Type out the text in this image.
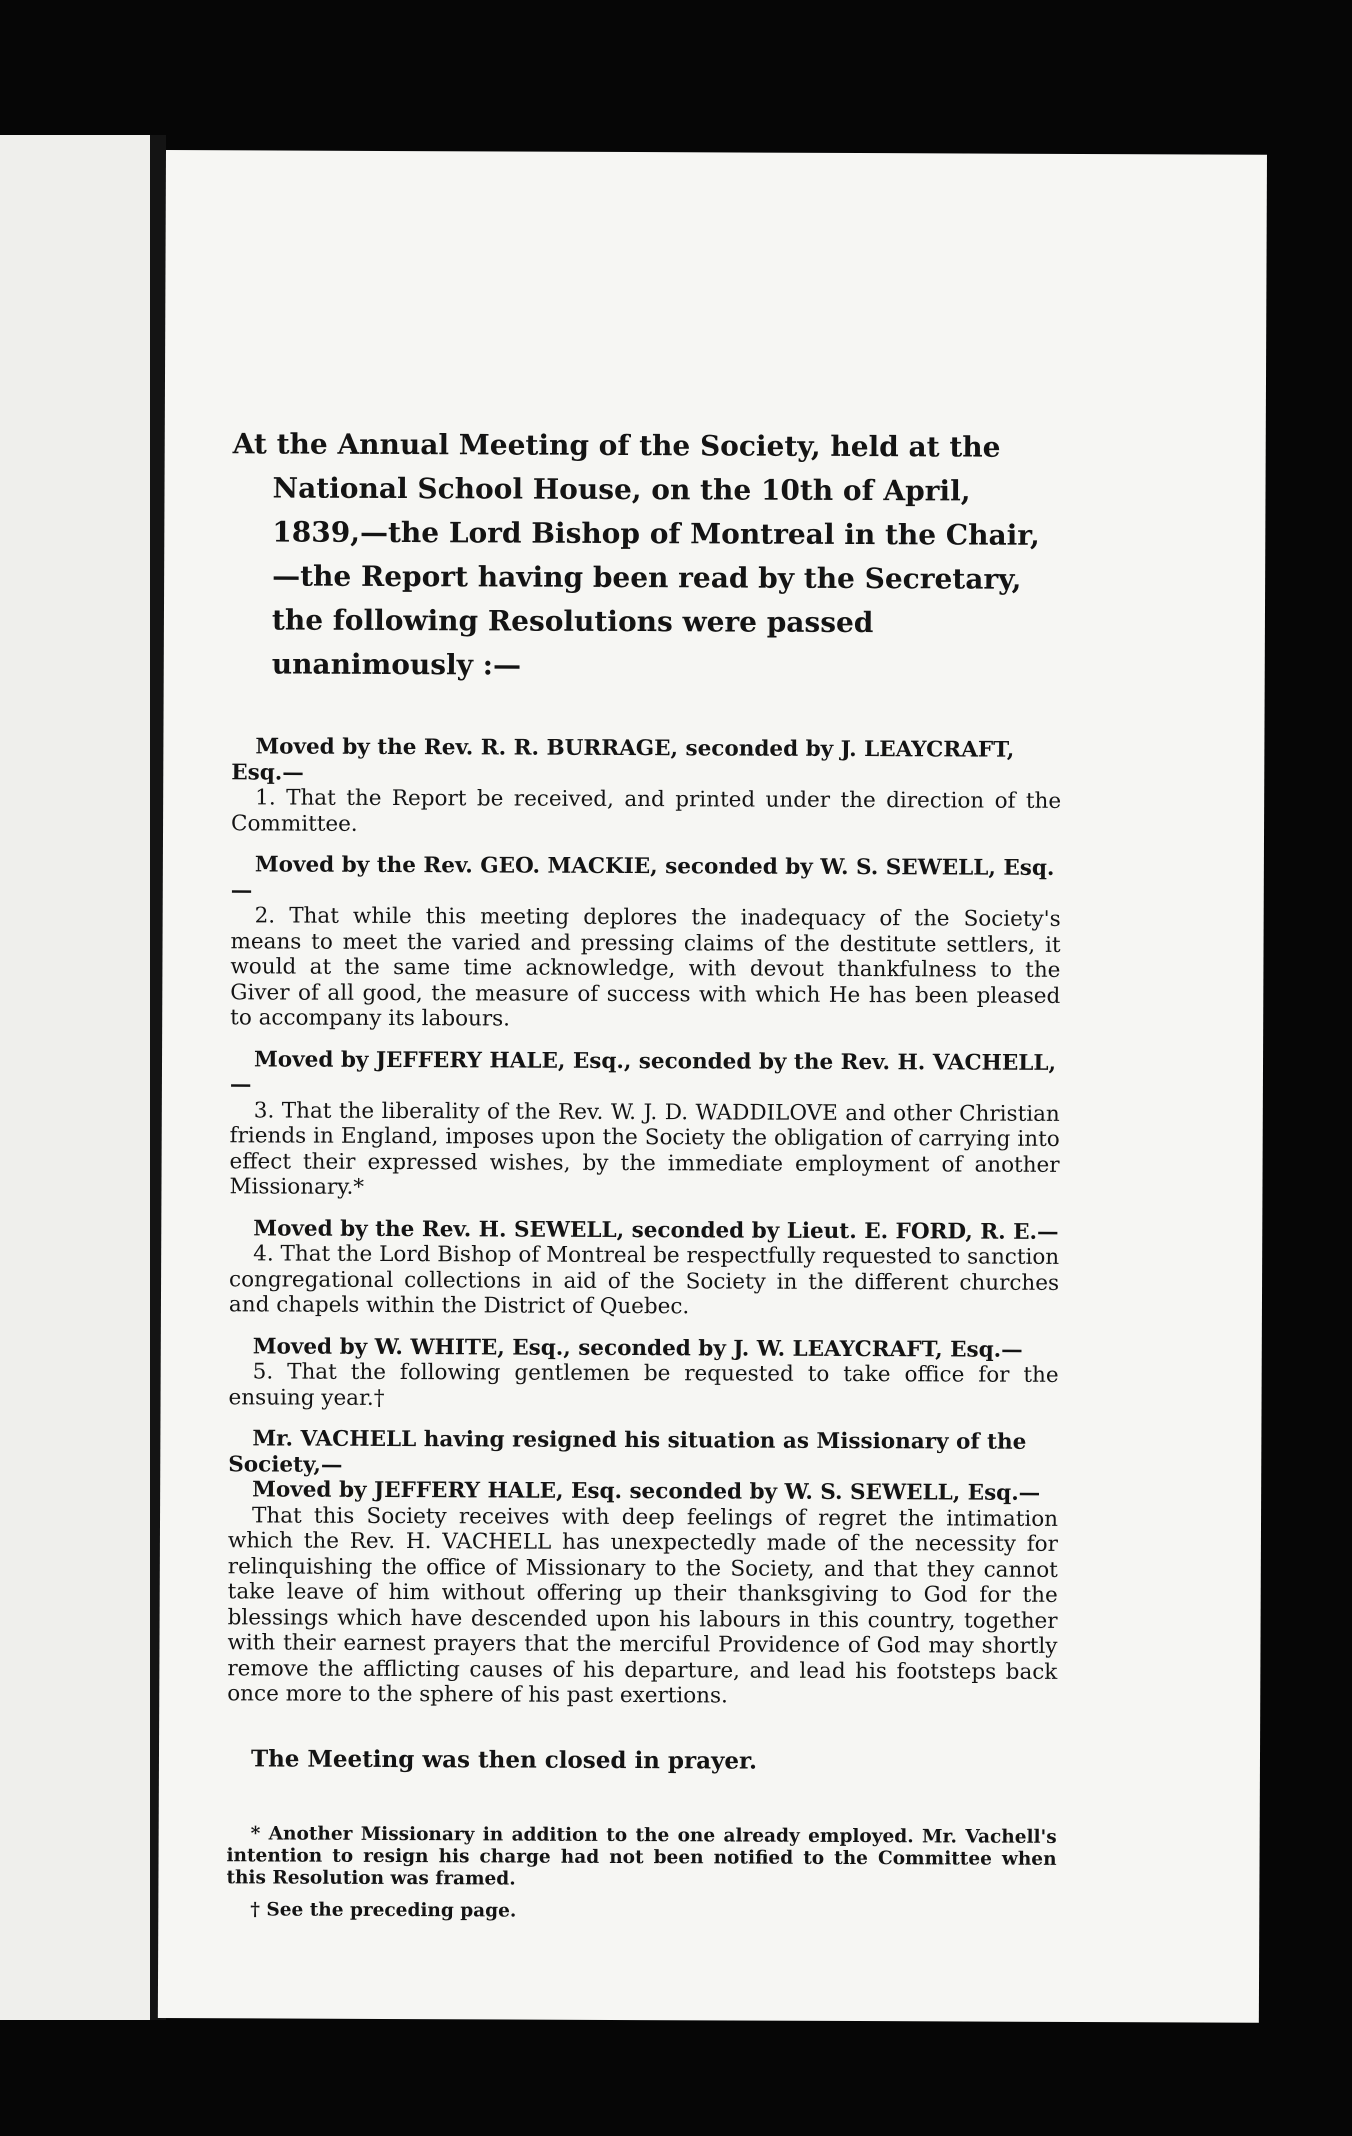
At the Annual Meeting of the Society, held at the National School House, on the 10th of April, 1839,—the Lord Bishop of Montreal in the Chair,—the Report having been read by the Secretary, the following Resolutions were passed unanimously :—

Moved by the Rev. R. R. BURRAGE, seconded by J. LEAYCRAFT, Esq.—

1. That the Report be received, and printed under the direction of the Committee.

Moved by the Rev. GEO. MACKIE, seconded by W. S. SEWELL, Esq.—

2. That while this meeting deplores the inadequacy of the Society's means to meet the varied and pressing claims of the destitute settlers, it would at the same time acknowledge, with devout thankfulness to the Giver of all good, the measure of success with which He has been pleased to accompany its labours.

Moved by JEFFERY HALE, Esq., seconded by the Rev. H. VACHELL,—

3. That the liberality of the Rev. W. J. D. WADDILOVE and other Christian friends in England, imposes upon the Society the obligation of carrying into effect their expressed wishes, by the immediate employment of another Missionary.*

Moved by the Rev. H. SEWELL, seconded by Lieut. E. FORD, R. E.—

4. That the Lord Bishop of Montreal be respectfully requested to sanction congregational collections in aid of the Society in the different churches and chapels within the District of Quebec.

Moved by W. WHITE, Esq., seconded by J. W. LEAYCRAFT, Esq.—

5. That the following gentlemen be requested to take office for the ensuing year.†

Mr. VACHELL having resigned his situation as Missionary of the Society,—

Moved by JEFFERY HALE, Esq. seconded by W. S. SEWELL, Esq.—

That this Society receives with deep feelings of regret the intimation which the Rev. H. VACHELL has unexpectedly made of the necessity for relinquishing the office of Missionary to the Society, and that they cannot take leave of him without offering up their thanksgiving to God for the blessings which have descended upon his labours in this country, together with their earnest prayers that the merciful Providence of God may shortly remove the afflicting causes of his departure, and lead his footsteps back once more to the sphere of his past exertions.

The Meeting was then closed in prayer.

* Another Missionary in addition to the one already employed. Mr. Vachell's intention to resign his charge had not been notified to the Committee when this Resolution was framed.

† See the preceding page.
